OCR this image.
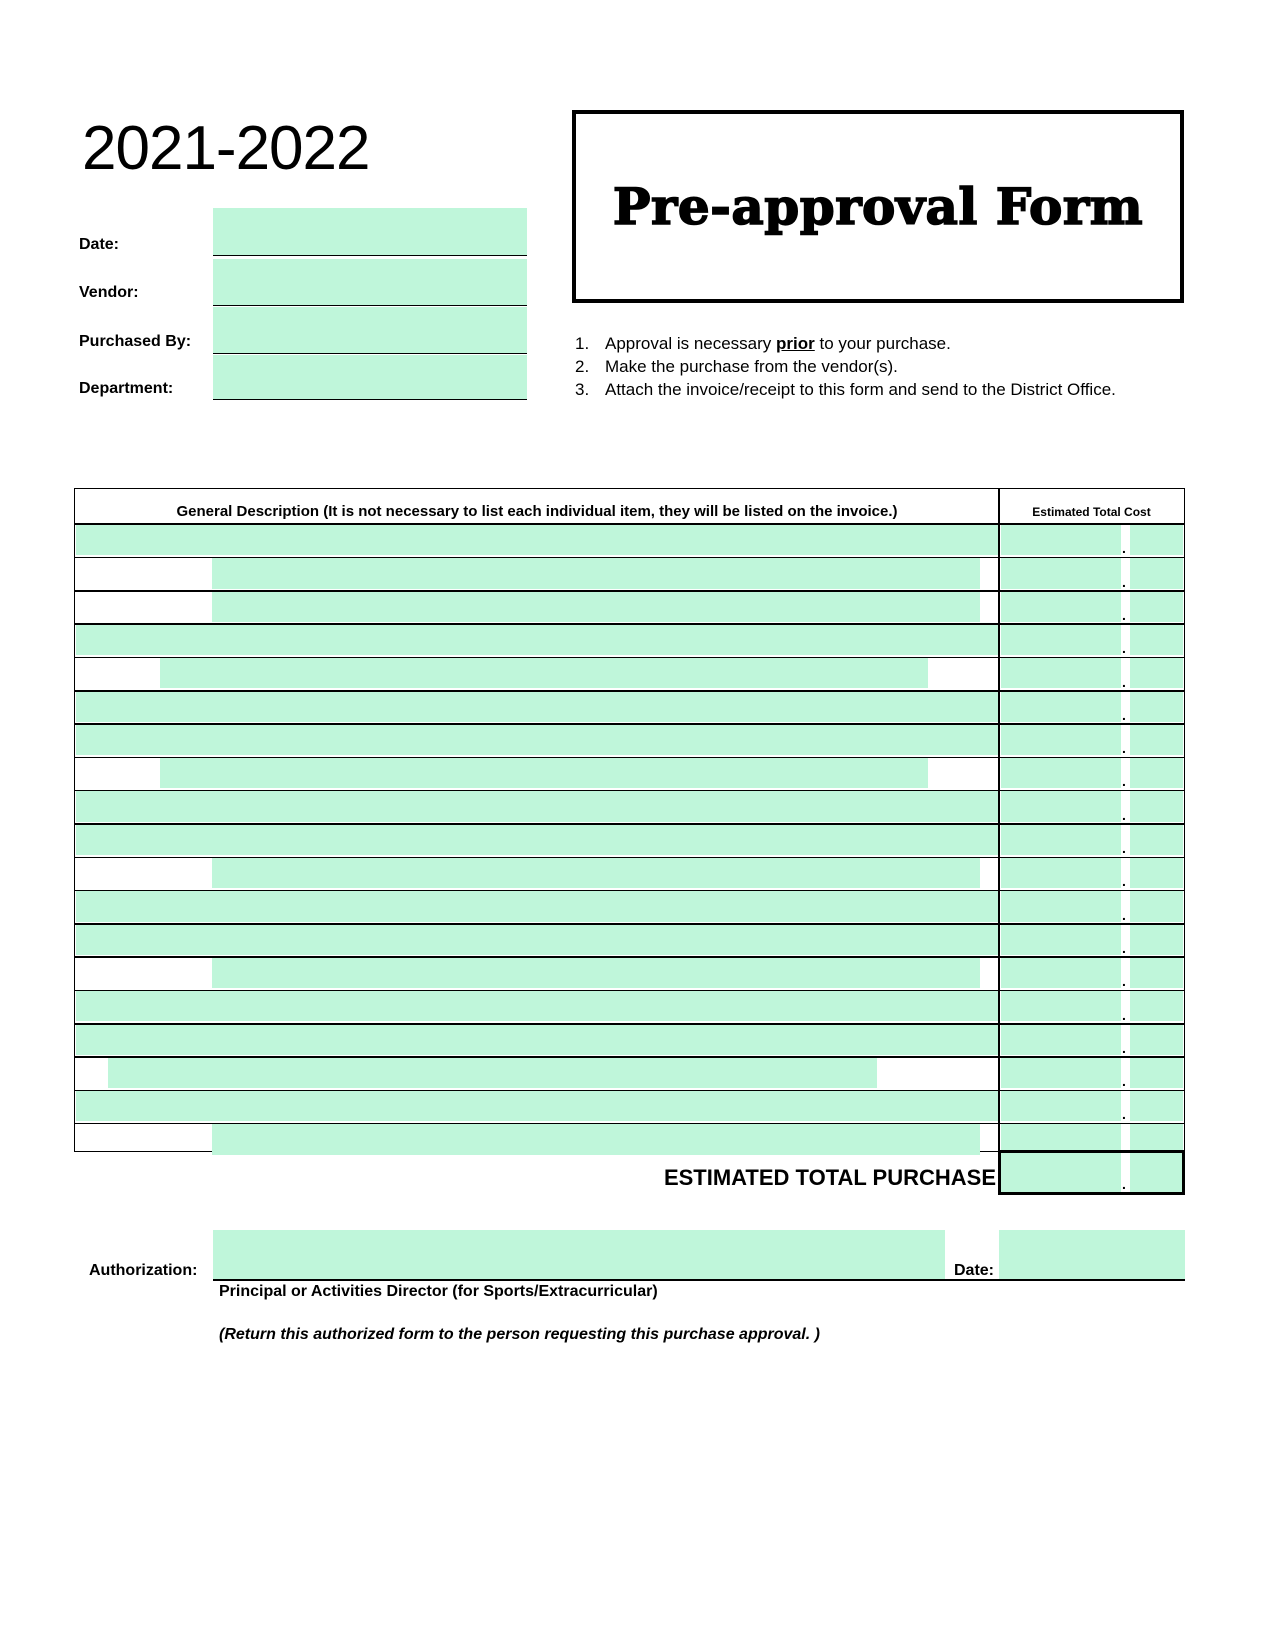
2021-2022
Date:
Vendor:
Purchased By:
Department:
Pre-approval Form
1. Approval is necessary prior to your purchase.
2. Make the purchase from the vendor(s).
3. Attach the invoice/receipt to this form and send to the District Office.
General Description (It is not necessary to list each individual item, they will be listed on the invoice.)	Estimated Total Cost
.
.
.
.
.
.
.
.
.
.
.
.
.
.
.
.
.
.
.
ESTIMATED TOTAL PURCHASE	.
Authorization:	Date:
Principal or Activities Director (for Sports/Extracurricular)
(Return this authorized form to the person requesting this purchase approval. )
